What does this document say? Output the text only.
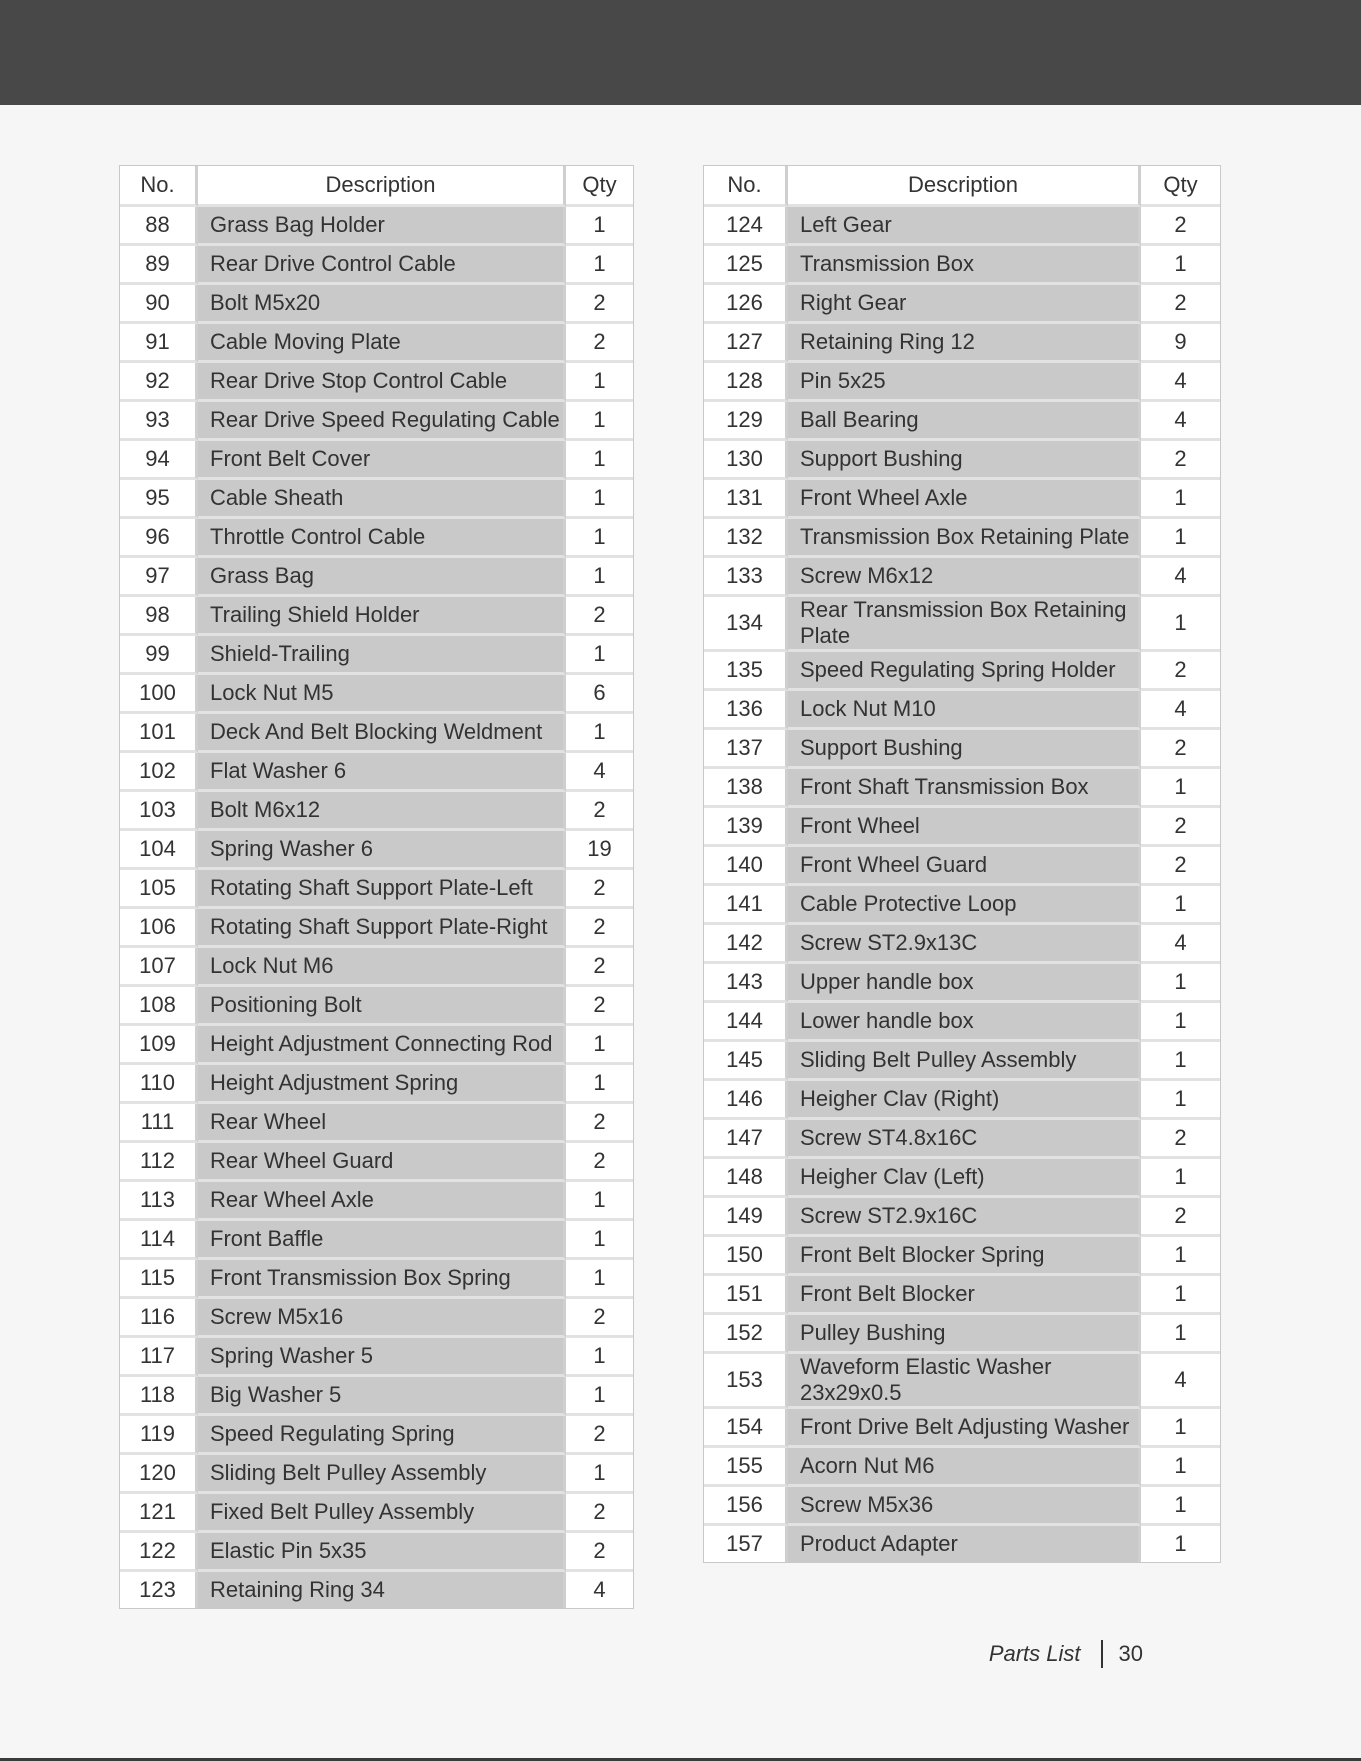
No.	Description	Qty
88	Grass Bag Holder	1
89	Rear Drive Control Cable	1
90	Bolt M5x20	2
91	Cable Moving Plate	2
92	Rear Drive Stop Control Cable	1
93	Rear Drive Speed Regulating Cable	1
94	Front Belt Cover	1
95	Cable Sheath	1
96	Throttle Control Cable	1
97	Grass Bag	1
98	Trailing Shield Holder	2
99	Shield-Trailing	1
100	Lock Nut M5	6
101	Deck And Belt Blocking Weldment	1
102	Flat Washer 6	4
103	Bolt M6x12	2
104	Spring Washer 6	19
105	Rotating Shaft Support Plate-Left	2
106	Rotating Shaft Support Plate-Right	2
107	Lock Nut M6	2
108	Positioning Bolt	2
109	Height Adjustment Connecting Rod	1
110	Height Adjustment Spring	1
111	Rear Wheel	2
112	Rear Wheel Guard	2
113	Rear Wheel Axle	1
114	Front Baffle	1
115	Front Transmission Box Spring	1
116	Screw M5x16	2
117	Spring Washer 5	1
118	Big Washer 5	1
119	Speed Regulating Spring	2
120	Sliding Belt Pulley Assembly	1
121	Fixed Belt Pulley Assembly	2
122	Elastic Pin 5x35	2
123	Retaining Ring 34	4
No.	Description	Qty
124	Left Gear	2
125	Transmission Box	1
126	Right Gear	2
127	Retaining Ring 12	9
128	Pin 5x25	4
129	Ball Bearing	4
130	Support Bushing	2
131	Front Wheel Axle	1
132	Transmission Box Retaining Plate	1
133	Screw M6x12	4
134	Rear Transmission Box Retaining Plate	1
135	Speed Regulating Spring Holder	2
136	Lock Nut M10	4
137	Support Bushing	2
138	Front Shaft Transmission Box	1
139	Front Wheel	2
140	Front Wheel Guard	2
141	Cable Protective Loop	1
142	Screw ST2.9x13C	4
143	Upper handle box	1
144	Lower handle box	1
145	Sliding Belt Pulley Assembly	1
146	Heigher Clav (Right)	1
147	Screw ST4.8x16C	2
148	Heigher Clav (Left)	1
149	Screw ST2.9x16C	2
150	Front Belt Blocker Spring	1
151	Front Belt Blocker	1
152	Pulley Bushing	1
153	Waveform Elastic Washer 23x29x0.5	4
154	Front Drive Belt Adjusting Washer	1
155	Acorn Nut M6	1
156	Screw M5x36	1
157	Product Adapter	1
Parts List 30
